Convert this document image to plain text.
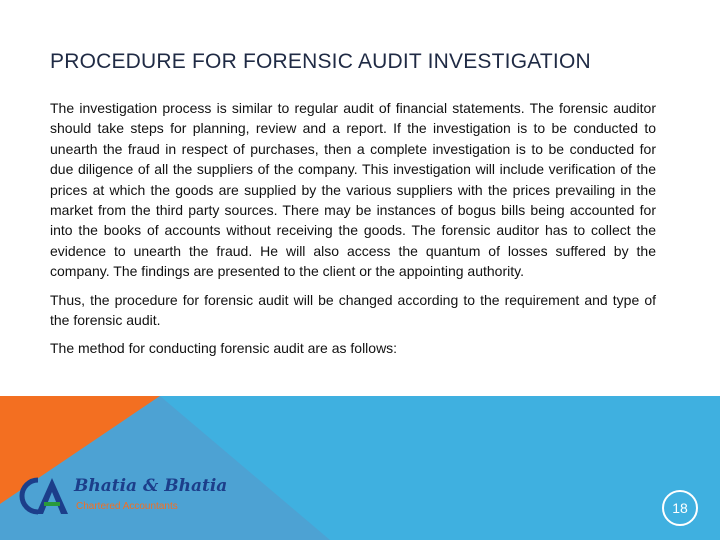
PROCEDURE FOR FORENSIC AUDIT INVESTIGATION

The investigation process is similar to regular audit of financial statements. The forensic auditor should take steps for planning, review and a report. If the investigation is to be conducted to unearth the fraud in respect of purchases, then a complete investigation is to be conducted for due diligence of all the suppliers of the company. This investigation will include verification of the prices at which the goods are supplied by the various suppliers with the prices prevailing in the market from the third party sources. There may be instances of bogus bills being accounted for into the books of accounts without receiving the goods. The forensic auditor has to collect the evidence to unearth the fraud. He will also access the quantum of losses suffered by the company. The findings are presented to the client or the appointing authority.

Thus, the procedure for forensic audit will be changed according to the requirement and type of the forensic audit.

The method for conducting forensic audit are as follows:

Bhatia & Bhatia
Chartered Accountants	18
